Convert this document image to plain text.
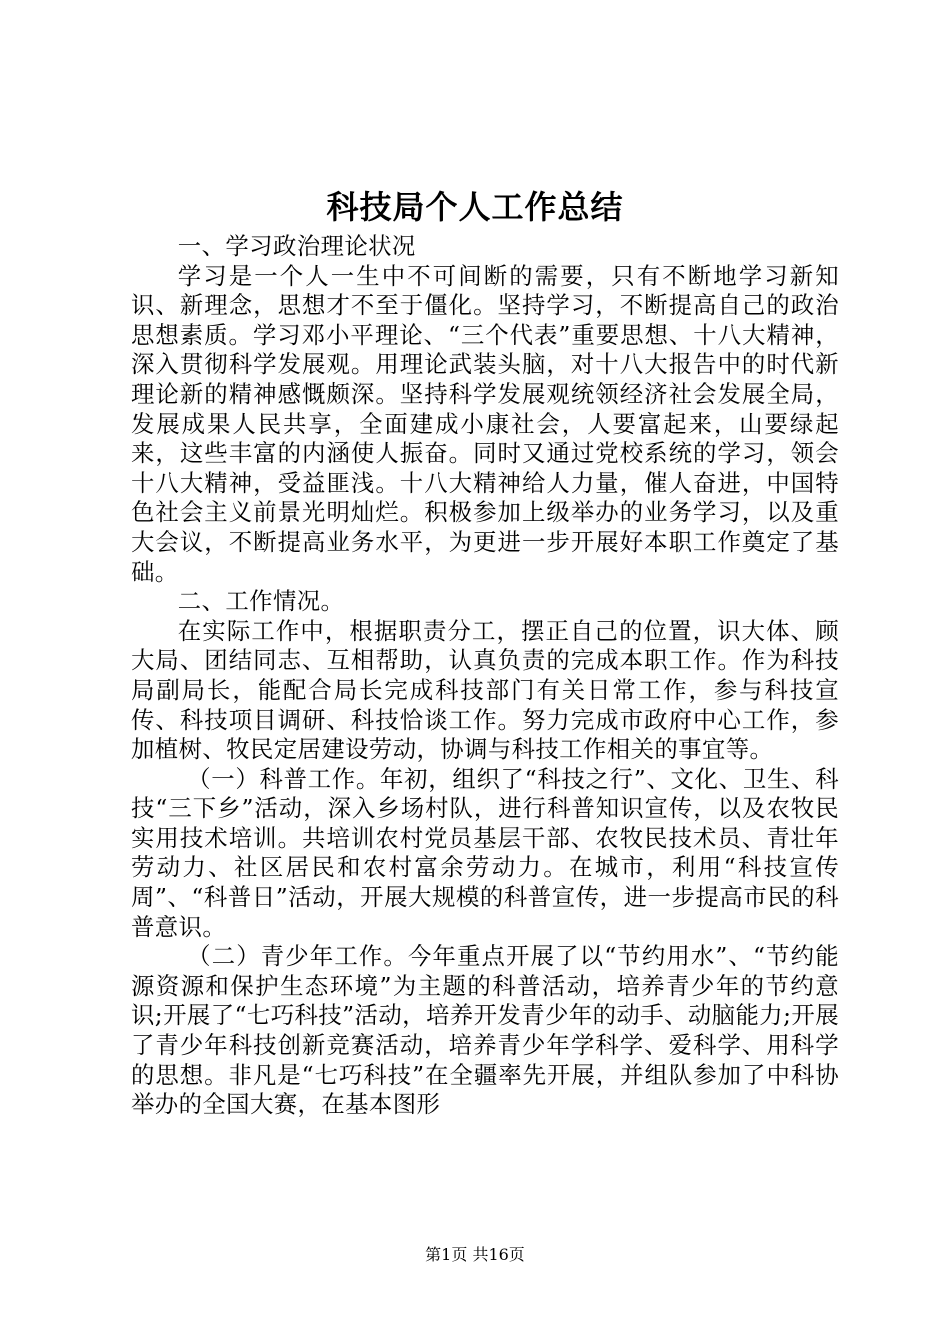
科技局个人工作总结

一、学习政治理论状况

学习是一个人一生中不可间断的需要，只有不断地学习新知识、新理念，思想才不至于僵化。坚持学习，不断提高自己的政治思想素质。学习邓小平理论、“三个代表”重要思想、十八大精神，深入贯彻科学发展观。用理论武装头脑，对十八大报告中的时代新理论新的精神感慨颇深。坚持科学发展观统领经济社会发展全局，发展成果人民共享，全面建成小康社会，人要富起来，山要绿起来，这些丰富的内涵使人振奋。同时又通过党校系统的学习，领会十八大精神，受益匪浅。十八大精神给人力量，催人奋进，中国特色社会主义前景光明灿烂。积极参加上级举办的业务学习，以及重大会议，不断提高业务水平，为更进一步开展好本职工作奠定了基础。

二、工作情况。

在实际工作中，根据职责分工，摆正自己的位置，识大体、顾大局、团结同志、互相帮助，认真负责的完成本职工作。作为科技局副局长，能配合局长完成科技部门有关日常工作，参与科技宣传、科技项目调研、科技恰谈工作。努力完成市政府中心工作，参加植树、牧民定居建设劳动，协调与科技工作相关的事宜等。

（一）科普工作。年初，组织了“科技之行”、文化、卫生、科技“三下乡”活动，深入乡场村队，进行科普知识宣传，以及农牧民实用技术培训。共培训农村党员基层干部、农牧民技术员、青壮年劳动力、社区居民和农村富余劳动力。在城市，利用“科技宣传周”、“科普日”活动，开展大规模的科普宣传，进一步提高市民的科普意识。

（二）青少年工作。今年重点开展了以“节约用水”、“节约能源资源和保护生态环境”为主题的科普活动，培养青少年的节约意识;开展了“七巧科技”活动，培养开发青少年的动手、动脑能力;开展了青少年科技创新竞赛活动，培养青少年学科学、爱科学、用科学的思想。非凡是“七巧科技”在全疆率先开展，并组队参加了中科协举办的全国大赛，在基本图形

第1页 共16页
